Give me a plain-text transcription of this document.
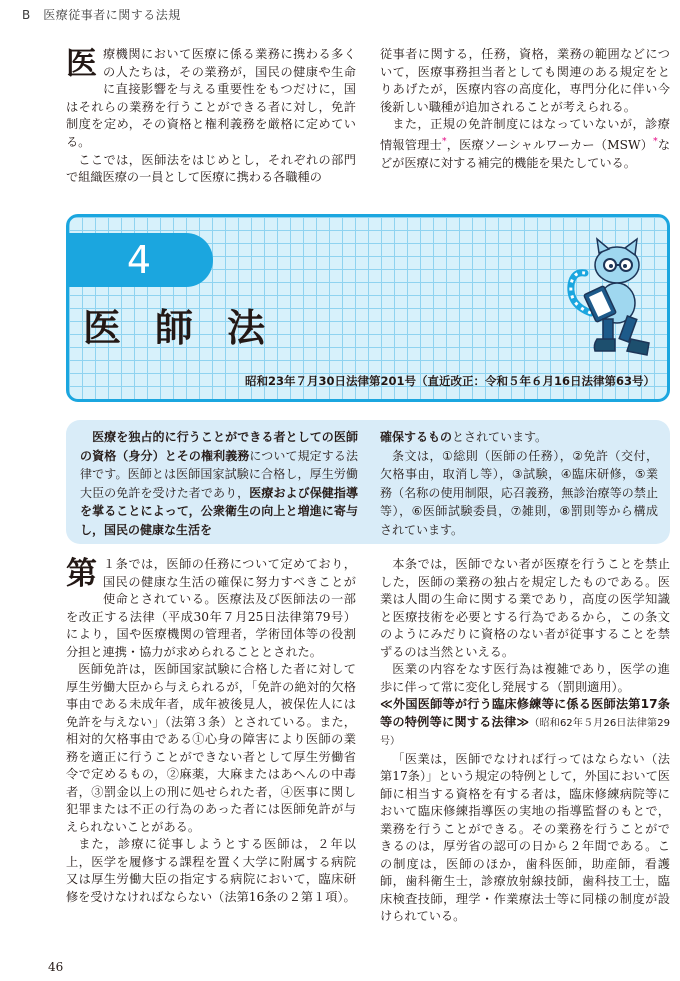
B　医療従事者に関する法規

医療機関において医療に係る業務に携わる多くの人たちは，その業務が，国民の健康や生命に直接影響を与える重要性をもつだけに，国はそれらの業務を行うことができる者に対し，免許制度を定め，その資格と権利義務を厳格に定めている。

ここでは，医師法をはじめとし，それぞれの部門で組織医療の一員として医療に携わる各職種の

従事者に関する，任務，資格，業務の範囲などについて，医療事務担当者としても関連のある規定をとりあげたが，医療内容の高度化，専門分化に伴い今後新しい職種が追加されることが考えられる。

また，正規の免許制度にはなっていないが，診療情報管理士*，医療ソーシャルワーカー（MSW）*などが医療に対する補完的機能を果たしている。

4
医師法
昭和23年７月30日法律第201号（直近改正：令和５年６月16日法律第63号）

医療を独占的に行うことができる者としての医師の資格（身分）とその権利義務について規定する法律です。医師とは医師国家試験に合格し，厚生労働大臣の免許を受けた者であり，医療および保健指導を掌ることによって，公衆衛生の向上と増進に寄与し，国民の健康な生活を

確保するものとされています。

条文は，①総則（医師の任務），②免許（交付，欠格事由，取消し等），③試験，④臨床研修，⑤業務（名称の使用制限，応召義務，無診治療等の禁止等），⑥医師試験委員，⑦雑則，⑧罰則等から構成されています。

第 １条では，医師の任務について定めており，国民の健康な生活の確保に努力すべきことが使命とされている。医療法及び医師法の一部を改正する法律（平成30年７月25日法律第79号）により，国や医療機関の管理者，学術団体等の役割分担と連携・協力が求められることとされた。

医師免許は，医師国家試験に合格した者に対して厚生労働大臣から与えられるが，「免許の絶対的欠格事由である未成年者，成年被後見人，被保佐人には免許を与えない」（法第３条）とされている。また，相対的欠格事由である①心身の障害により医師の業務を適正に行うことができない者として厚生労働省令で定めるもの，②麻薬，大麻またはあへんの中毒者，③罰金以上の刑に処せられた者，④医事に関し犯罪または不正の行為のあった者には医師免許が与えられないことがある。

また，診療に従事しようとする医師は，２年以上，医学を履修する課程を置く大学に附属する病院又は厚生労働大臣の指定する病院において，臨床研修を受けなければならない（法第16条の２第１項）。

本条では，医師でない者が医療を行うことを禁止した，医師の業務の独占を規定したものである。医業は人間の生命に関する業であり，高度の医学知識と医療技術を必要とする行為であるから，この条文のようにみだりに資格のない者が従事することを禁ずるのは当然といえる。

医業の内容をなす医行為は複雑であり，医学の進歩に伴って常に変化し発展する（罰則適用）。

≪外国医師等が行う臨床修練等に係る医師法第17条等の特例等に関する法律≫（昭和62年５月26日法律第29号）

「医業は，医師でなければ行ってはならない（法第17条）」という規定の特例として，外国において医師に相当する資格を有する者は，臨床修練病院等において臨床修練指導医の実地の指導監督のもとで，業務を行うことができる。その業務を行うことができるのは，厚労省の認可の日から２年間である。この制度は，医師のほか，歯科医師，助産師，看護師，歯科衛生士，診療放射線技師，歯科技工士，臨床検査技師，理学・作業療法士等に同様の制度が設けられている。

46
